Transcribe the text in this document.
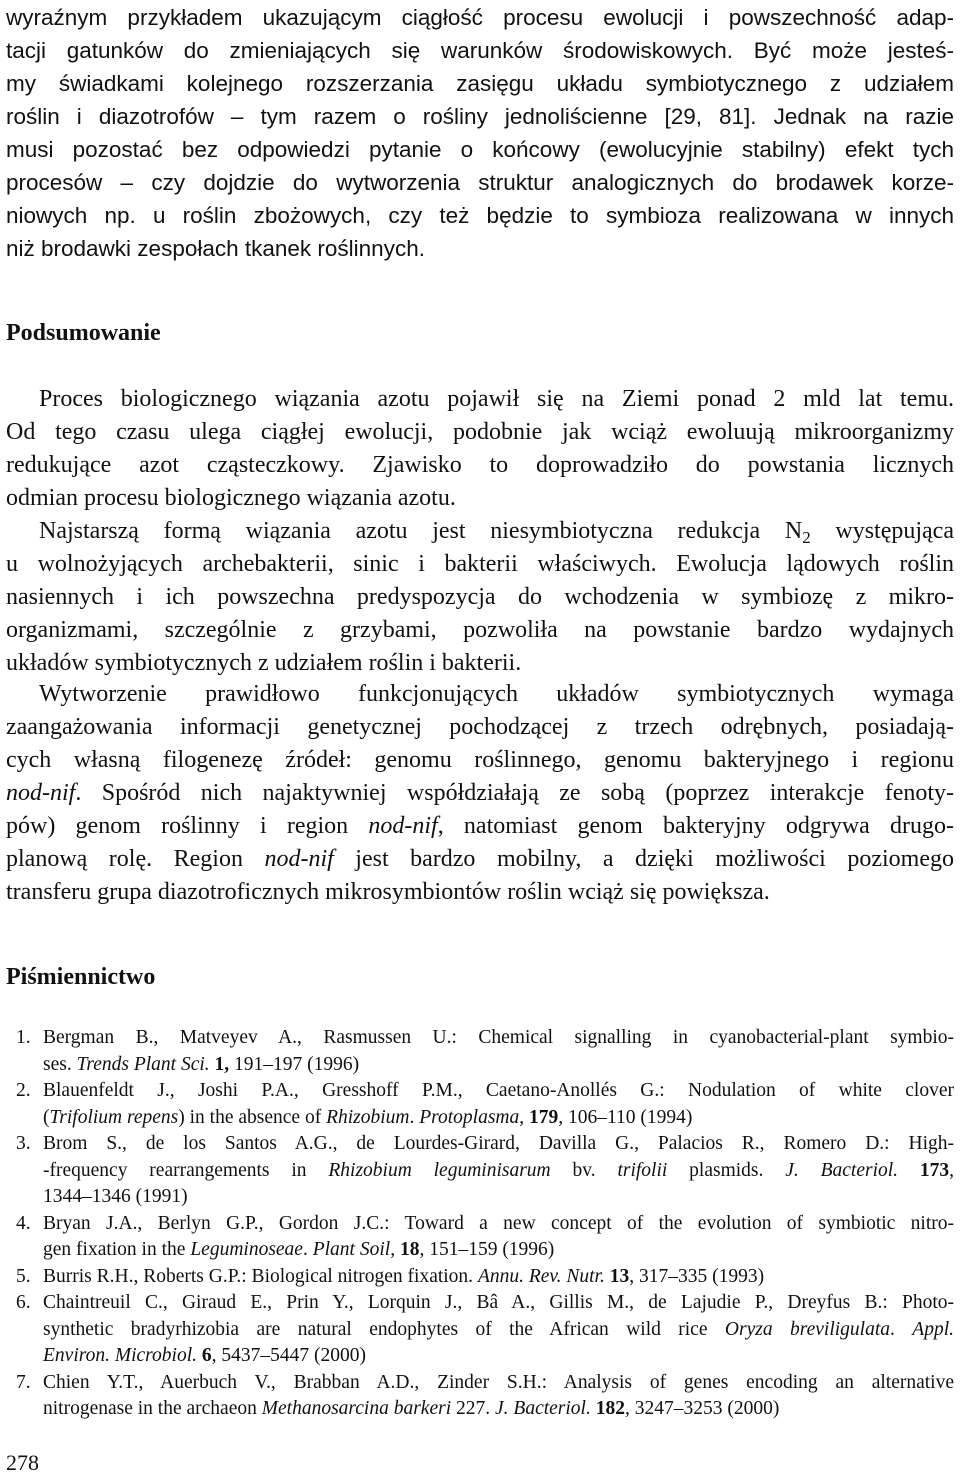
wyraźnym przykładem ukazującym ciągłość procesu ewolucji i powszechność adap-
tacji gatunków do zmieniających się warunków środowiskowych. Być może jesteś-
my świadkami kolejnego rozszerzania zasięgu układu symbiotycznego z udziałem
roślin i diazotrofów – tym razem o rośliny jednoliścienne [29, 81]. Jednak na razie
musi pozostać bez odpowiedzi pytanie o końcowy (ewolucyjnie stabilny) efekt tych
procesów – czy dojdzie do wytworzenia struktur analogicznych do brodawek korze-
niowych np. u roślin zbożowych, czy też będzie to symbioza realizowana w innych
niż brodawki zespołach tkanek roślinnych.
Podsumowanie
Proces biologicznego wiązania azotu pojawił się na Ziemi ponad 2 mld lat temu.
Od tego czasu ulega ciągłej ewolucji, podobnie jak wciąż ewoluują mikroorganizmy
redukujące azot cząsteczkowy. Zjawisko to doprowadziło do powstania licznych
odmian procesu biologicznego wiązania azotu.
Najstarszą formą wiązania azotu jest niesymbiotyczna redukcja $N_2$ występująca
u wolnożyjących archebakterii, sinic i bakterii właściwych. Ewolucja lądowych roślin
nasiennych i ich powszechna predyspozycja do wchodzenia w symbiozę z mikro-
organizmami, szczególnie z grzybami, pozwoliła na powstanie bardzo wydajnych
układów symbiotycznych z udziałem roślin i bakterii.
Wytworzenie prawidłowo funkcjonujących układów symbiotycznych wymaga
zaangażowania informacji genetycznej pochodzącej z trzech odrębnych, posiadają-
cych własną filogenezę źródeł: genomu roślinnego, genomu bakteryjnego i regionu
nod-nif. Spośród nich najaktywniej współdziałają ze sobą (poprzez interakcje fenoty-
pów) genom roślinny i region nod-nif, natomiast genom bakteryjny odgrywa drugo-
planową rolę. Region nod-nif jest bardzo mobilny, a dzięki możliwości poziomego
transferu grupa diazotroficznych mikrosymbiontów roślin wciąż się powiększa.
Piśmiennictwo
1. Bergman B., Matveyev A., Rasmussen U.: Chemical signalling in cyanobacterial-plant symbio-
ses. Trends Plant Sci. 1, 191–197 (1996)
2. Blauenfeldt J., Joshi P.A., Gresshoff P.M., Caetano-Anollés G.: Nodulation of white clover
(Trifolium repens) in the absence of Rhizobium. Protoplasma, 179, 106–110 (1994)
3. Brom S., de los Santos A.G., de Lourdes-Girard, Davilla G., Palacios R., Romero D.: High-
-frequency rearrangements in Rhizobium leguminisarum bv. trifolii plasmids. J. Bacteriol. 173,
1344–1346 (1991)
4. Bryan J.A., Berlyn G.P., Gordon J.C.: Toward a new concept of the evolution of symbiotic nitro-
gen fixation in the Leguminoseae. Plant Soil, 18, 151–159 (1996)
5. Burris R.H., Roberts G.P.: Biological nitrogen fixation. Annu. Rev. Nutr. 13, 317–335 (1993)
6. Chaintreuil C., Giraud E., Prin Y., Lorquin J., Bâ A., Gillis M., de Lajudie P., Dreyfus B.: Photo-
synthetic bradyrhizobia are natural endophytes of the African wild rice Oryza breviligulata. Appl.
Environ. Microbiol. 6, 5437–5447 (2000)
7. Chien Y.T., Auerbuch V., Brabban A.D., Zinder S.H.: Analysis of genes encoding an alternative
nitrogenase in the archaeon Methanosarcina barkeri 227. J. Bacteriol. 182, 3247–3253 (2000)
278
